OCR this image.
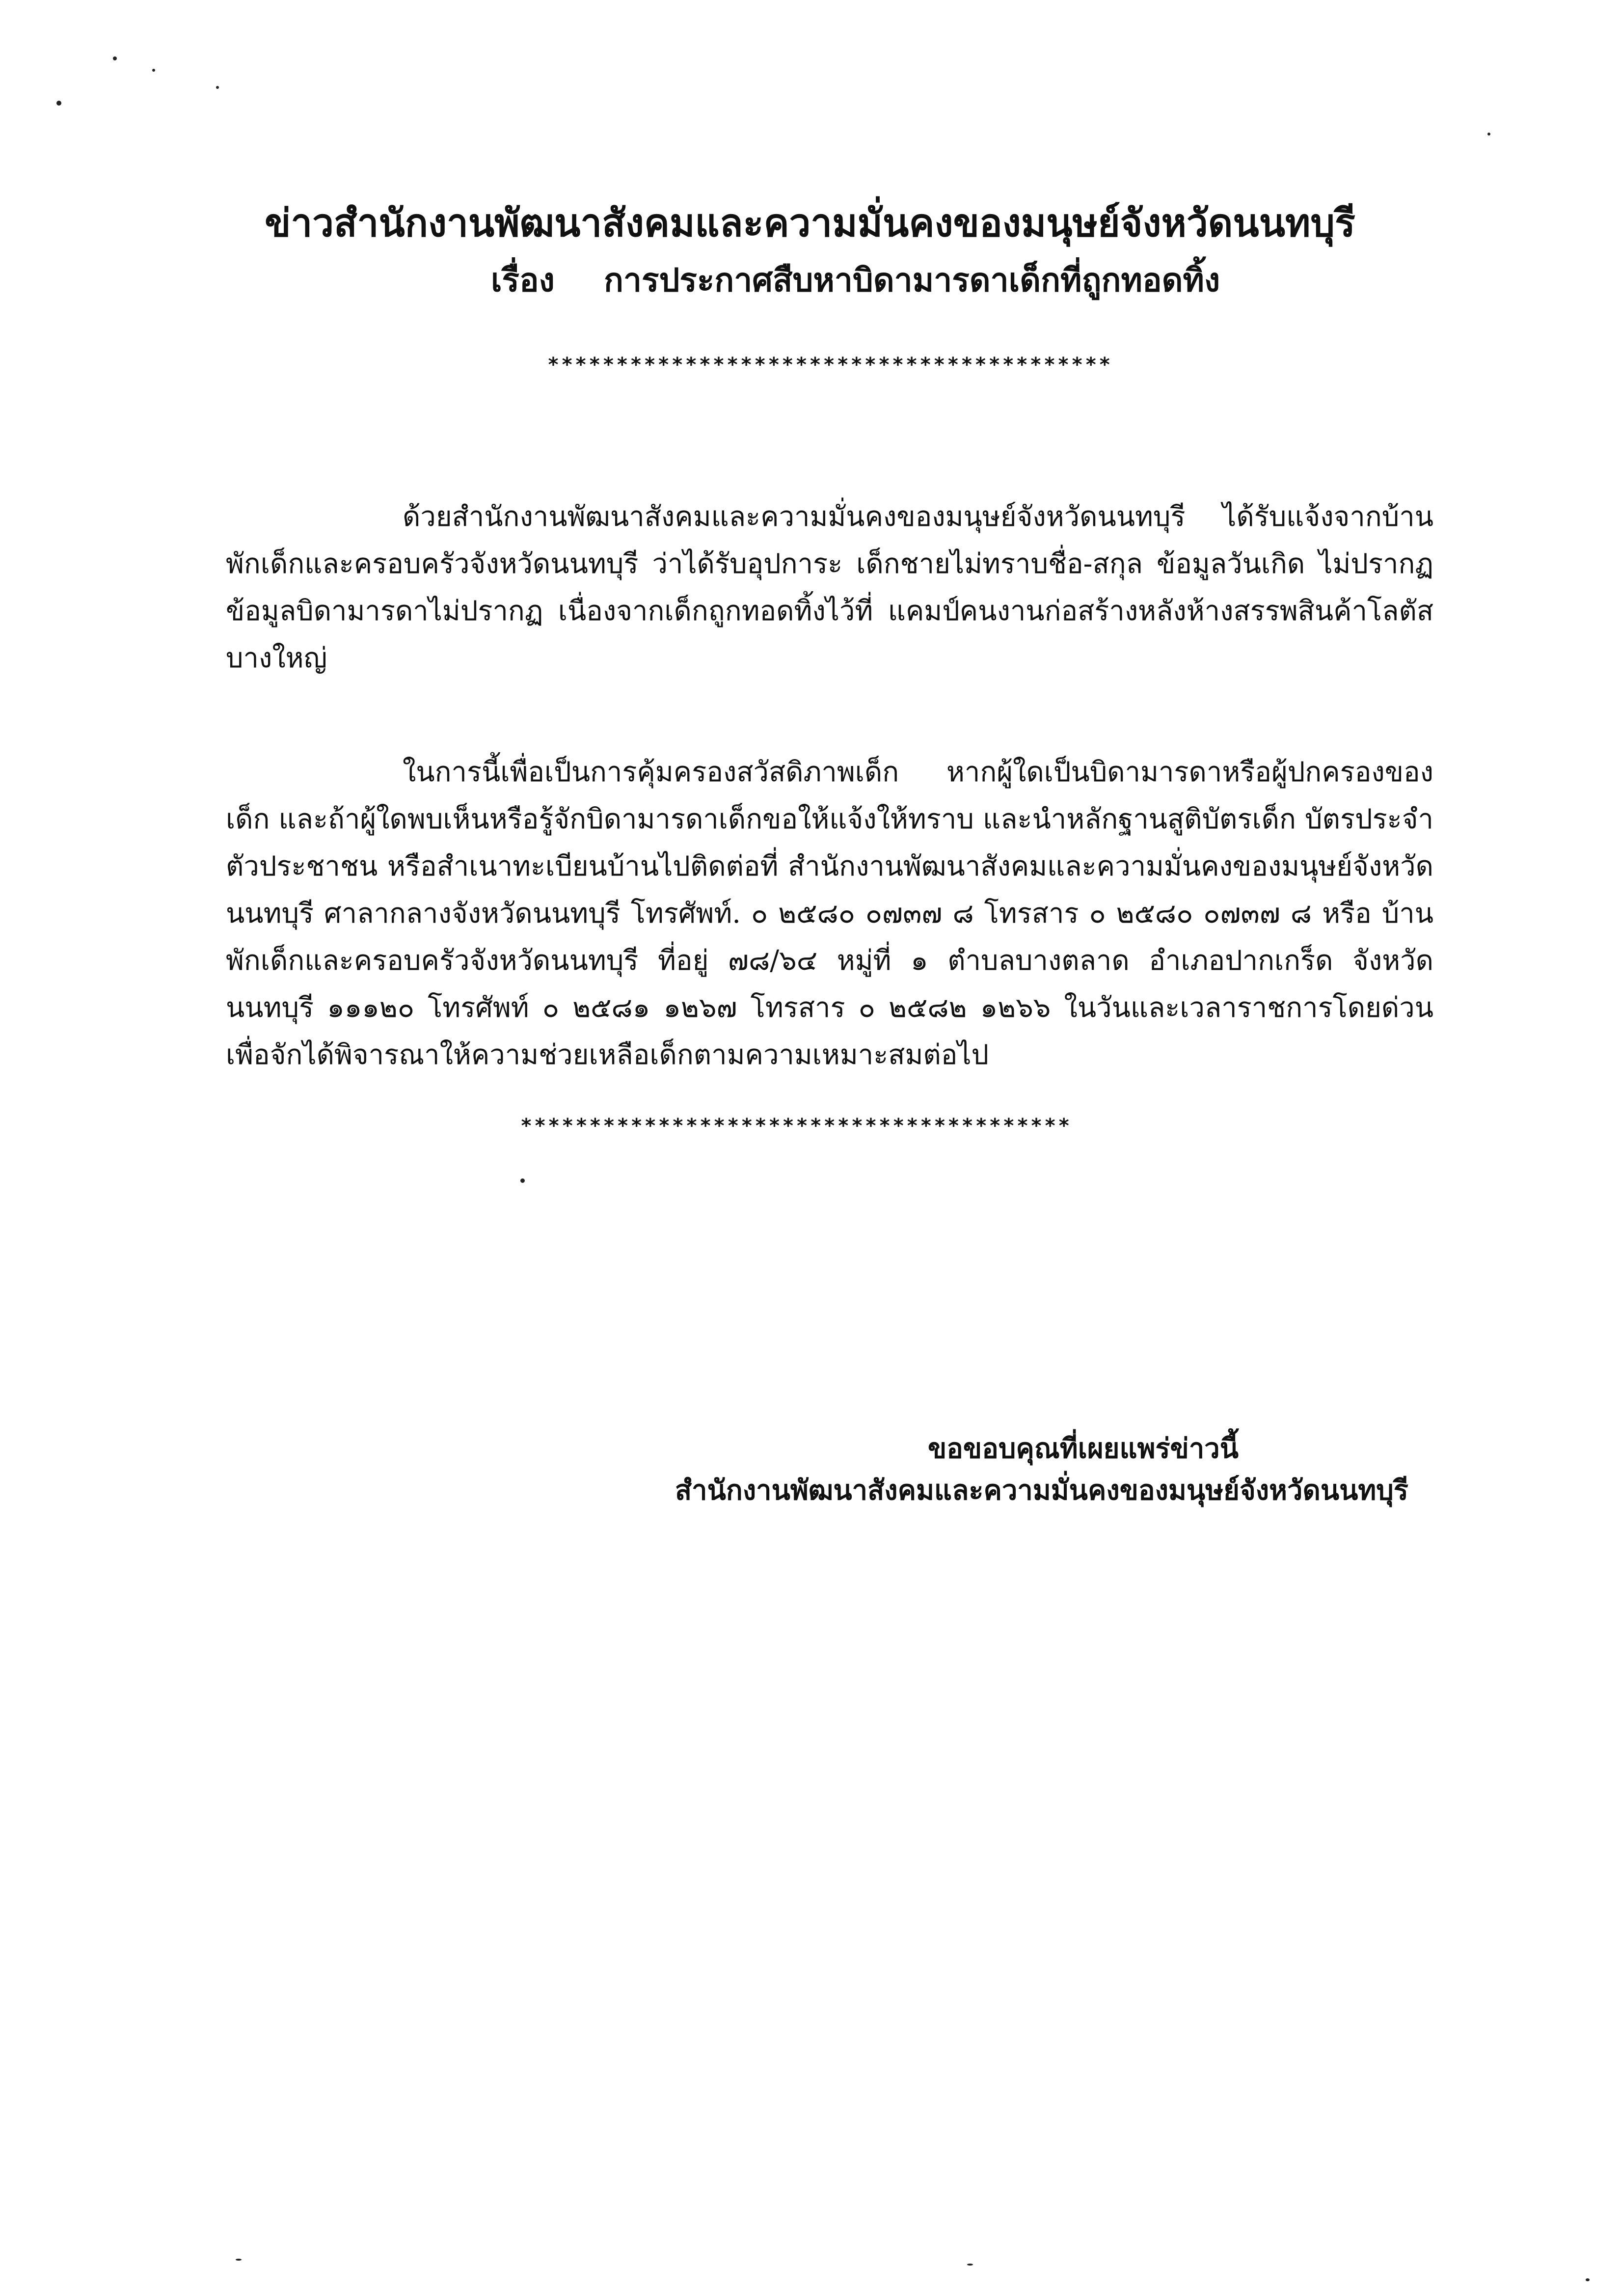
ข่าวสำนักงานพัฒนาสังคมและความมั่นคงของมนุษย์จังหวัดนนทบุรี
เรื่อง การประกาศสืบหาบิดามารดาเด็กที่ถูกทอดทิ้ง
*****************************************

ด้วยสำนักงานพัฒนาสังคมและความมั่นคงของมนุษย์จังหวัดนนทบุรี ได้รับแจ้งจากบ้านพักเด็กและครอบครัวจังหวัดนนทบุรี ว่าได้รับอุปการะ เด็กชายไม่ทราบชื่อ-สกุล ข้อมูลวันเกิด ไม่ปรากฏ ข้อมูลบิดามารดาไม่ปรากฏ เนื่องจากเด็กถูกทอดทิ้งไว้ที่ แคมป์คนงานก่อสร้างหลังห้างสรรพสินค้าโลตัส บางใหญ่

ในการนี้เพื่อเป็นการคุ้มครองสวัสดิภาพเด็ก หากผู้ใดเป็นบิดามารดาหรือผู้ปกครองของเด็ก และถ้าผู้ใดพบเห็นหรือรู้จักบิดามารดาเด็กขอให้แจ้งให้ทราบ และนำหลักฐานสูติบัตรเด็ก บัตรประจำตัวประชาชน หรือสำเนาทะเบียนบ้านไปติดต่อที่ สำนักงานพัฒนาสังคมและความมั่นคงของมนุษย์จังหวัดนนทบุรี ศาลากลางจังหวัดนนทบุรี โทรศัพท์. ๐ ๒๕๘๐ ๐๗๓๗ ๘ โทรสาร ๐ ๒๕๘๐ ๐๗๓๗ ๘ หรือ บ้านพักเด็กและครอบครัวจังหวัดนนทบุรี ที่อยู่ ๗๘/๖๔ หมู่ที่ ๑ ตำบลบางตลาด อำเภอปากเกร็ด จังหวัดนนทบุรี ๑๑๑๒๐ โทรศัพท์ ๐ ๒๕๘๑ ๑๒๖๗ โทรสาร ๐ ๒๕๘๒ ๑๒๖๖ ในวันและเวลาราชการโดยด่วน เพื่อจักได้พิจารณาให้ความช่วยเหลือเด็กตามความเหมาะสมต่อไป

****************************************
ขอขอบคุณที่เผยแพร่ข่าวนี้
สำนักงานพัฒนาสังคมและความมั่นคงของมนุษย์จังหวัดนนทบุรี
